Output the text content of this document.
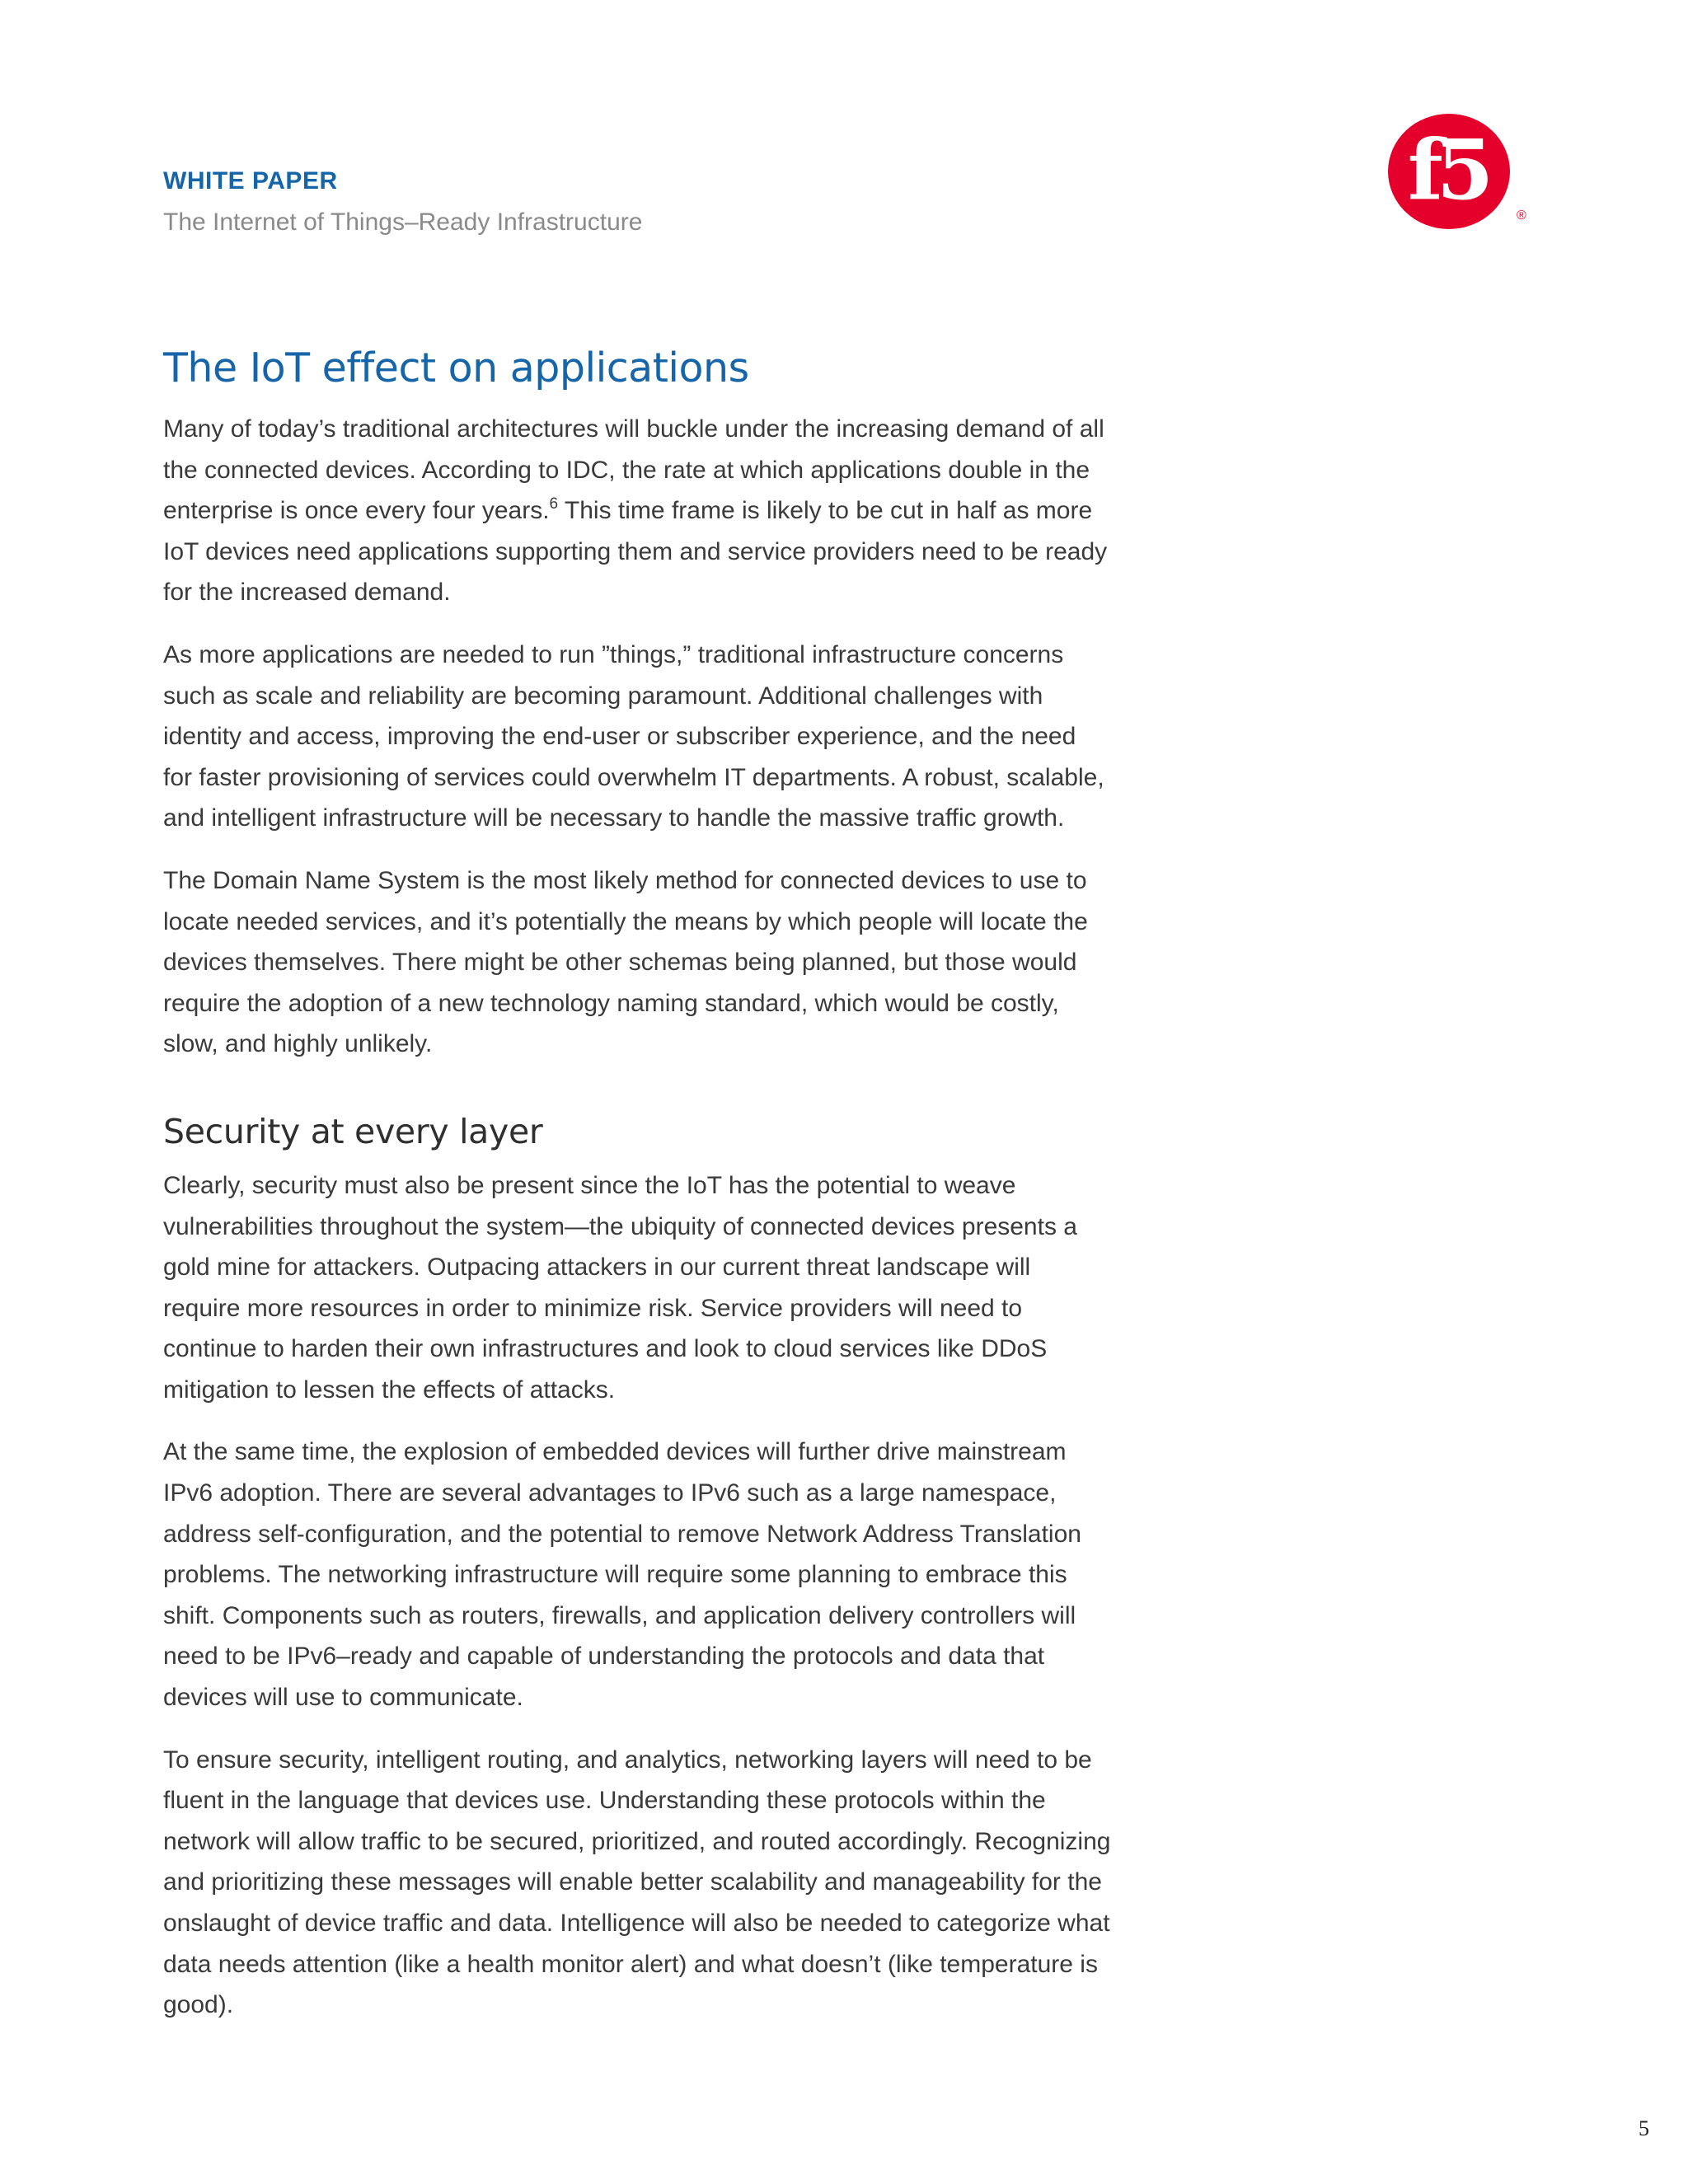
WHITE PAPER

The Internet of Things–Ready Infrastructure

f5 ®
The IoT effect on applications

Many of today’s traditional architectures will buckle under the increasing demand of all the connected devices. According to IDC, the rate at which applications double in the enterprise is once every four years.$^6$ This time frame is likely to be cut in half as more IoT devices need applications supporting them and service providers need to be ready for the increased demand.

As more applications are needed to run ”things,” traditional infrastructure concerns such as scale and reliability are becoming paramount. Additional challenges with identity and access, improving the end-user or subscriber experience, and the need for faster provisioning of services could overwhelm IT departments. A robust, scalable, and intelligent infrastructure will be necessary to handle the massive traffic growth.

The Domain Name System is the most likely method for connected devices to use to locate needed services, and it’s potentially the means by which people will locate the devices themselves. There might be other schemas being planned, but those would require the adoption of a new technology naming standard, which would be costly, slow, and highly unlikely.

Security at every layer

Clearly, security must also be present since the IoT has the potential to weave vulnerabilities throughout the system—the ubiquity of connected devices presents a gold mine for attackers. Outpacing attackers in our current threat landscape will require more resources in order to minimize risk. Service providers will need to continue to harden their own infrastructures and look to cloud services like DDoS mitigation to lessen the effects of attacks.

At the same time, the explosion of embedded devices will further drive mainstream IPv6 adoption. There are several advantages to IPv6 such as a large namespace, address self-configuration, and the potential to remove Network Address Translation problems. The networking infrastructure will require some planning to embrace this shift. Components such as routers, firewalls, and application delivery controllers will need to be IPv6–ready and capable of understanding the protocols and data that devices will use to communicate.

To ensure security, intelligent routing, and analytics, networking layers will need to be fluent in the language that devices use. Understanding these protocols within the network will allow traffic to be secured, prioritized, and routed accordingly. Recognizing and prioritizing these messages will enable better scalability and manageability for the onslaught of device traffic and data. Intelligence will also be needed to categorize what data needs attention (like a health monitor alert) and what doesn’t (like temperature is good).

5
